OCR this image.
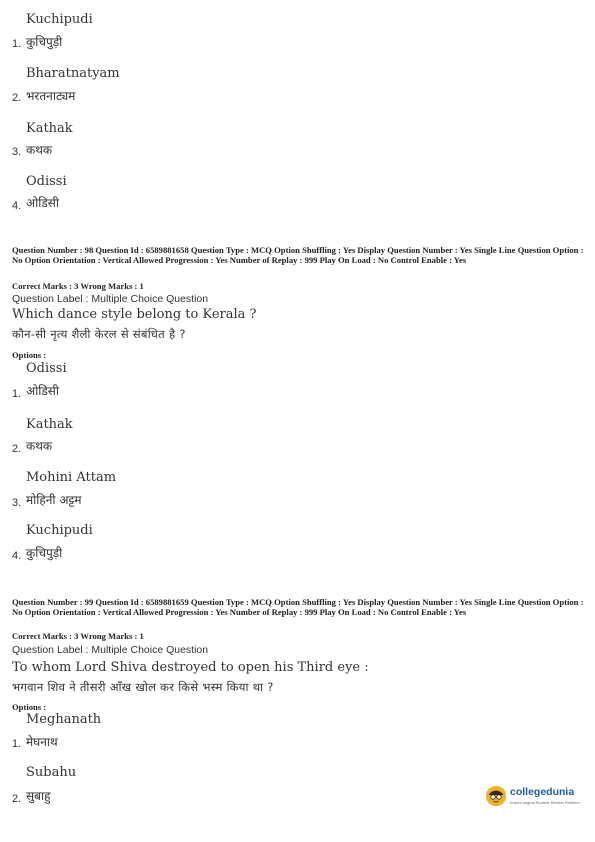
Kuchipudi
1. कुचिपुड़ी
Bharatnatyam
2. भरतनाट्यम
Kathak
3. कथक
Odissi
4. ओडिसी
Question Number : 98 Question Id : 6589881658 Question Type : MCQ Option Shuffling : Yes Display Question Number : Yes Single Line Question Option : No Option Orientation : Vertical Allowed Progression : Yes Number of Replay : 999 Play On Load : No Control Enable : Yes
Correct Marks : 3 Wrong Marks : 1
Question Label : Multiple Choice Question
Which dance style belong to Kerala ?
कौन-सी नृत्य शैली केरल से संबंधित है ?
Options :
Odissi
1. ओडिसी
Kathak
2. कथक
Mohini Attam
3. मोहिनी अट्टम
Kuchipudi
4. कुचिपुड़ी
Question Number : 99 Question Id : 6589881659 Question Type : MCQ Option Shuffling : Yes Display Question Number : Yes Single Line Question Option : No Option Orientation : Vertical Allowed Progression : Yes Number of Replay : 999 Play On Load : No Control Enable : Yes
Correct Marks : 3 Wrong Marks : 1
Question Label : Multiple Choice Question
To whom Lord Shiva destroyed to open his Third eye :
भगवान शिव ने तीसरी आँख खोल कर किसे भस्म किया था ?
Options :
Meghanath
1. मेघनाथ
Subahu
2. सुबाहु	collegedunia
India's largest Student Review Platform
